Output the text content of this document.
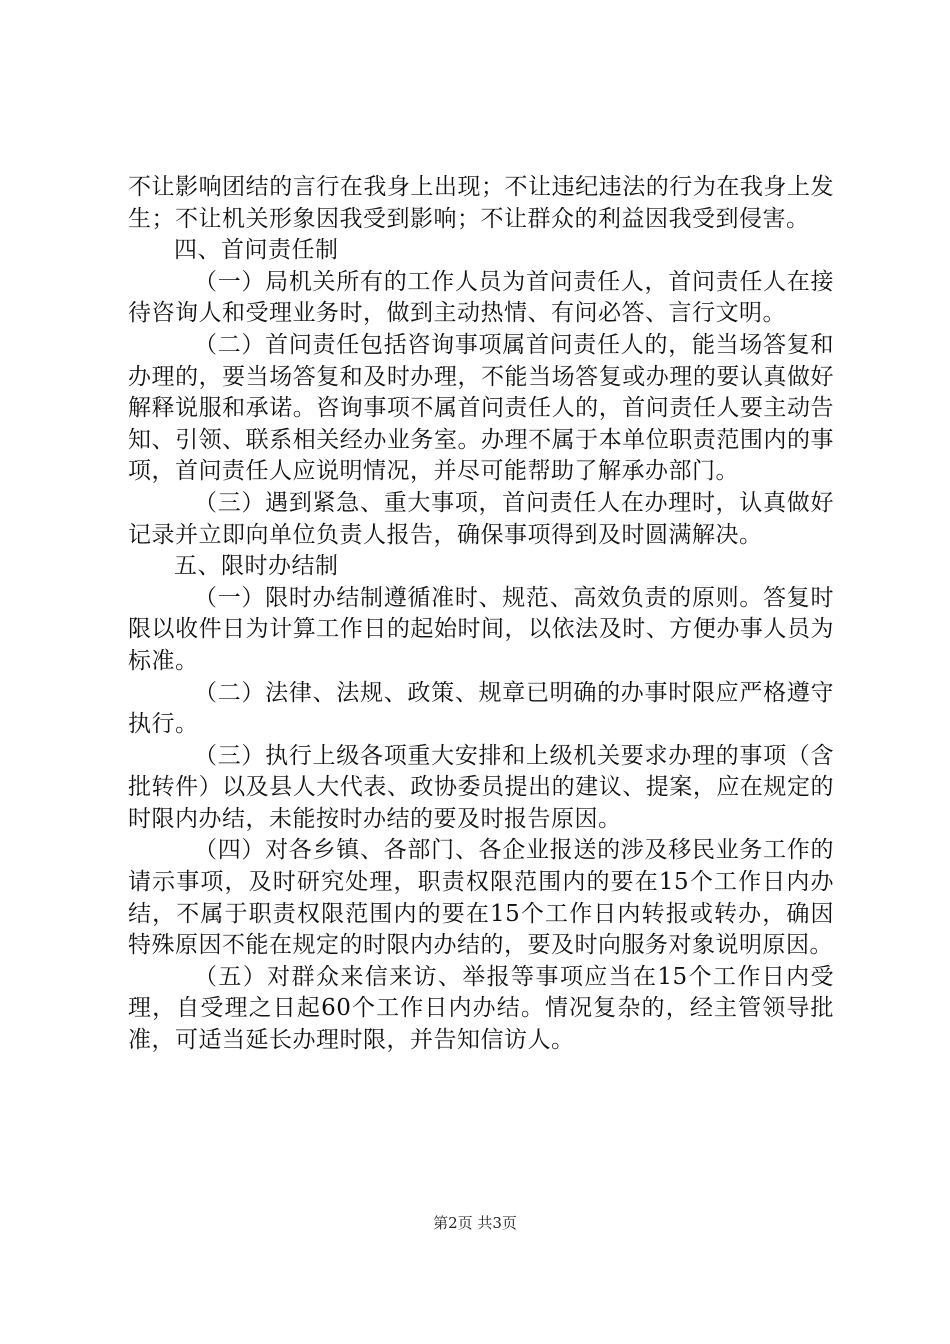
不让影响团结的言行在我身上出现；不让违纪违法的行为在我身上发生；不让机关形象因我受到影响；不让群众的利益因我受到侵害。

四、首问责任制

（一）局机关所有的工作人员为首问责任人，首问责任人在接待咨询人和受理业务时，做到主动热情、有问必答、言行文明。

（二）首问责任包括咨询事项属首问责任人的，能当场答复和办理的，要当场答复和及时办理，不能当场答复或办理的要认真做好解释说服和承诺。咨询事项不属首问责任人的，首问责任人要主动告知、引领、联系相关经办业务室。办理不属于本单位职责范围内的事项，首问责任人应说明情况，并尽可能帮助了解承办部门。

（三）遇到紧急、重大事项，首问责任人在办理时，认真做好记录并立即向单位负责人报告，确保事项得到及时圆满解决。

五、限时办结制

（一）限时办结制遵循准时、规范、高效负责的原则。答复时限以收件日为计算工作日的起始时间，以依法及时、方便办事人员为标准。

（二）法律、法规、政策、规章已明确的办事时限应严格遵守执行。

（三）执行上级各项重大安排和上级机关要求办理的事项（含批转件）以及县人大代表、政协委员提出的建议、提案，应在规定的时限内办结，未能按时办结的要及时报告原因。

（四）对各乡镇、各部门、各企业报送的涉及移民业务工作的请示事项，及时研究处理，职责权限范围内的要在15个工作日内办结，不属于职责权限范围内的要在15个工作日内转报或转办，确因特殊原因不能在规定的时限内办结的，要及时向服务对象说明原因。

（五）对群众来信来访、举报等事项应当在15个工作日内受理，自受理之日起60个工作日内办结。情况复杂的，经主管领导批准，可适当延长办理时限，并告知信访人。

第2页 共3页
